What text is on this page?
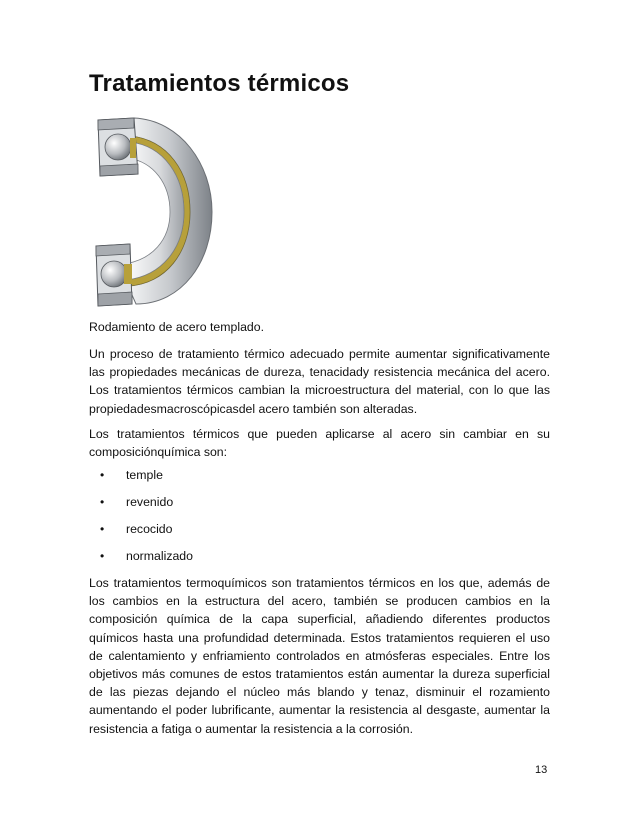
Tratamientos térmicos

Rodamiento de acero templado.

Un proceso de tratamiento térmico adecuado permite aumentar significativamente las propiedades mecánicas de dureza, tenacidady resistencia mecánica del acero. Los tratamientos térmicos cambian la microestructura del material, con lo que las propiedadesmacroscópicasdel acero también son alteradas.

Los tratamientos térmicos que pueden aplicarse al acero sin cambiar en su composiciónquímica son:

• temple
• revenido
• recocido
• normalizado

Los tratamientos termoquímicos son tratamientos térmicos en los que, además de los cambios en la estructura del acero, también se producen cambios en la composición química de la capa superficial, añadiendo diferentes productos químicos hasta una profundidad determinada. Estos tratamientos requieren el uso de calentamiento y enfriamiento controlados en atmósferas especiales. Entre los objetivos más comunes de estos tratamientos están aumentar la dureza superficial de las piezas dejando el núcleo más blando y tenaz, disminuir el rozamiento aumentando el poder lubrificante, aumentar la resistencia al desgaste, aumentar la resistencia a fatiga o aumentar la resistencia a la corrosión.

13
